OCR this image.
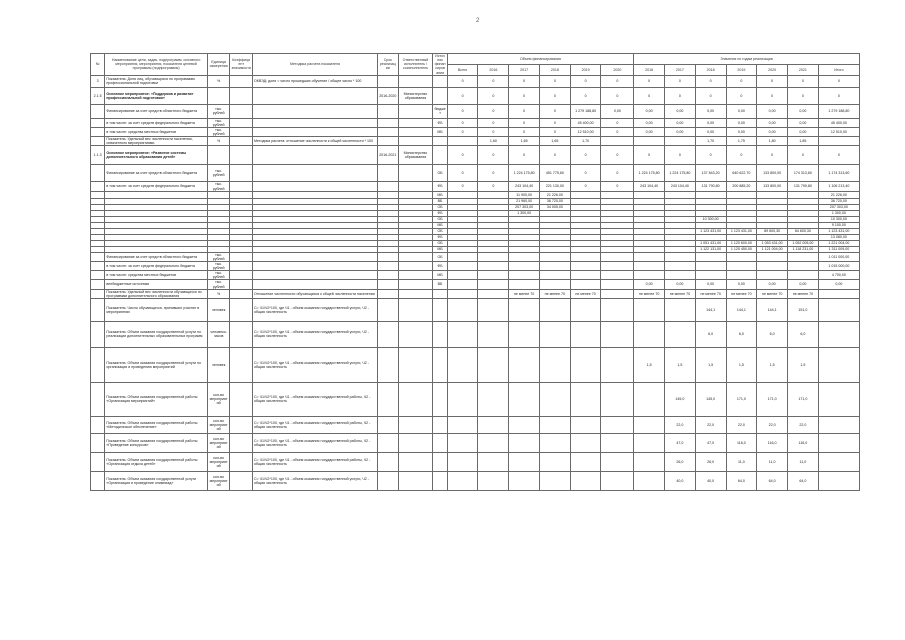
2
№	Наименование цели, задач, подпрограмм, основного мероприятия, мероприятия, показателя целевой программы (подпрограммы)	Единица измерения	Коэффициент значимости	Методика расчета показателя	Срок реализации	Ответственный исполнитель / соисполнитель	Источник финансирования	Объем финансирования						Значения по годам реализации						
								Всего	2016	2017	2018	2019	2020	2016	2017	2018	2019	2020	2021	Итого
3	Показатель: Доля лиц, обучающихся по программам профессиональной подготовки	%		ОКВЭД: доля = число прошедших обучение / общее число * 100				0	0	0	0	0	0	0	0	0	0	0	0	0
2.1.5	Основное мероприятие: «Поддержка и развитие профессиональной подготовки»				2016-2020	Министерство образования		0	0	0	0	0	0	0	0	0	0	0	0	0
	Финансирование за счет средств областного бюджета	тыс. рублей					бюджет	0	0	0	0	1 279 188,80	0,00	0,00	0,00	0,00	0,00	0,00	0,00	1 279 188,80
	в том числе: за счет средств федерального бюджета	тыс. рублей					ФБ	0	0	0	0	45 400,00	0	0,00	0,00	0,00	0,00	0,00	0,00	45 400,00
	в том числе: средства местных бюджетов	тыс. рублей					МБ	0	0	0	0	12 510,00	0	0,00	0,00	0,00	0,00	0,00	0,00	12 510,00
	Показатель: Удельный вес численности населения, охваченного мероприятиями	%		Методика расчета: отношение численности к общей численности * 100					1,60	1,65	1,65	1,70				1,70	1,75	1,80	1,85	
1.1.3	Основное мероприятие: «Развитие системы дополнительного образования детей»				2016-2021	Министерство образования		0	0	0	0	0	0	0	0	0	0	0	0	0
	Финансирование за счет средств областного бюджета	тыс. рублей					ОБ	0	0	1 224 175,80	451 775,60	0	0	1 224 175,80	1 224 175,80	137 843,20	640 622,70	133 800,00	174 313,60	1 174 313,60
	в том числе: за счет средств федерального бюджета	тыс. рублей					ФБ	0	0	243 104,40	221 130,00	0	0	243 104,40	243 104,40	131 790,80	200 885,20	133 800,00	131 790,80	1 106 213,40
							МБ			11 900,00	21 226,00									21 226,00
							ВБ			21 960,00	36 720,00									36 720,00
							ОБ			207 303,00	34 005,00									207 303,00
							ФБ			1 300,00										1 300,00
							ОБ									10 300,00				10 300,00
							МБ													9 100,00
							ОБ									1 123 431,00	1 123 431,00	89 600,30	84 600,30	1 123 431,00
							ФБ													13 080,00
							ОБ									1 051 431,00	1 120 600,00	1 053 431,00	1 052 005,00	1 221 004,00
							МБ									1 122 131,00	1 120 450,00	1 121 004,00	1 118 231,00	1 311 009,00
	Финансирование за счет средств областного бюджета	тыс. рублей					ОБ													1 011 000,00
	в том числе: за счет средств федерального бюджета	тыс. рублей					ФБ													1 015 000,00
	в том числе: средства местных бюджетов	тыс. рублей					МБ													4 700,00
	внебюджетные источники	тыс. рублей					ВБ							0,00	0,00	0,00	0,00	0,00	0,00	0,00
	Показатель: Удельный вес численности обучающихся по программам дополнительного образования	%		Отношение численности обучающихся к общей численности населения						не менее 70	не менее 70	не менее 70		не менее 70	не менее 70	не менее 70	не менее 70	не менее 70	не менее 70	
	Показатель: Число обучающихся, принявших участие в мероприятиях	человек		С= Ч1/Ч2*100, где Ч1 - объем оказания государственной услуги, Ч2 - общая численность												144,1	144,1	144,1	151,0	
	Показатель: Объем оказания государственной услуги по реализации дополнительных образовательных программ	человеко-часов		С= Ч1/Ч2*100, где Ч1 - объем оказания государственной услуги, Ч2 - общая численность												6,0	6,0	6,0	6,0	
	Показатель: Объем оказания государственной услуги по организации и проведению мероприятий	человек		С= Ч1/Ч2*100, где Ч1 - объем оказания государственной услуги, Ч2 - общая численность										1,5	1,5	1,5	1,5	1,5	1,5	
	Показатель: Объем оказания государственной работы «Организация мероприятий»	кол-во мероприятий		С= Ч1/Ч2*100, где Ч1 - объем оказания государственной работы, Ч2 - общая численность											145,0	145,0	171,0	171,0	171,0	
	Показатель: Объем оказания государственной работы «Методическое обеспечение»	кол-во мероприятий		С= Ч1/Ч2*100, где Ч1 - объем оказания государственной работы, Ч2 - общая численность											22,0	22,0	22,0	22,0	22,0	
	Показатель: Объем оказания государственной работы «Проведение конкурсов»	кол-во мероприятий		С= Ч1/Ч2*100, где Ч1 - объем оказания государственной работы, Ч2 - общая численность											47,0	47,0	116,0	116,0	116,0	
	Показатель: Объем оказания государственной работы «Организация отдыха детей»	кол-во мероприятий		С= Ч1/Ч2*100, где Ч1 - объем оказания государственной работы, Ч2 - общая численность											26,0	26,0	11,0	11,0	11,0	
	Показатель: Объем оказания государственной услуги «Организация и проведение олимпиад»	кол-во мероприятий		С= Ч1/Ч2*100, где Ч1 - объем оказания государственной услуги, Ч2 - общая численность											40,0	40,0	64,0	64,0	64,0	
